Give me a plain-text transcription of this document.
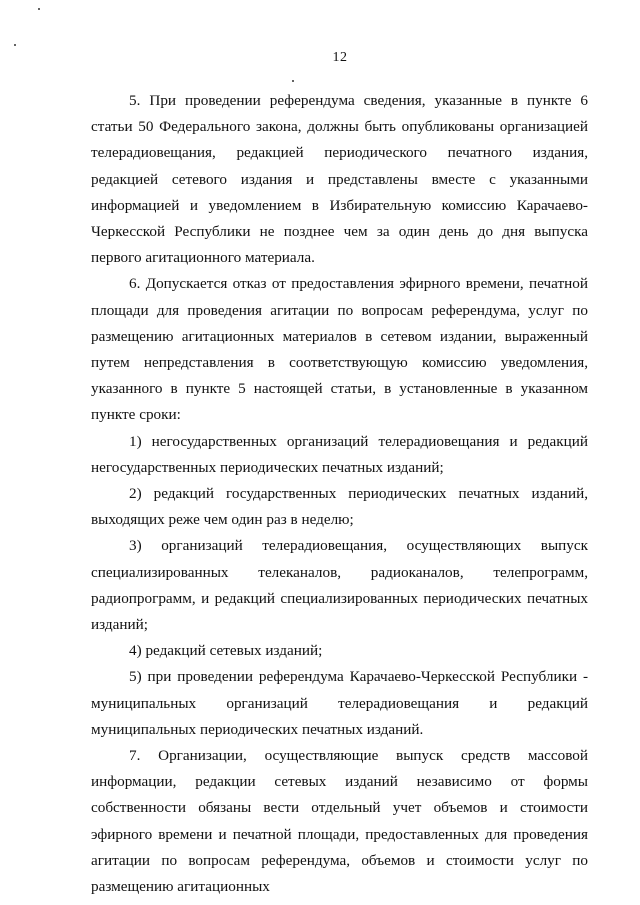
12

5. При проведении референдума сведения, указанные в пункте 6 статьи 50 Федерального закона, должны быть опубликованы организацией телерадиовещания, редакцией периодического печатного издания, редакцией сетевого издания и представлены вместе с указанными информацией и уведомлением в Избирательную комиссию Карачаево-Черкесской Республики не позднее чем за один день до дня выпуска первого агитационного материала.

6. Допускается отказ от предоставления эфирного времени, печатной площади для проведения агитации по вопросам референдума, услуг по размещению агитационных материалов в сетевом издании, выраженный путем непредставления в соответствующую комиссию уведомления, указанного в пункте 5 настоящей статьи, в установленные в указанном пункте сроки:

1) негосударственных организаций телерадиовещания и редакций негосударственных периодических печатных изданий;

2) редакций государственных периодических печатных изданий, выходящих реже чем один раз в неделю;

3) организаций телерадиовещания, осуществляющих выпуск специализированных телеканалов, радиоканалов, телепрограмм, радиопрограмм, и редакций специализированных периодических печатных изданий;

4) редакций сетевых изданий;

5) при проведении референдума Карачаево-Черкесской Республики - муниципальных организаций телерадиовещания и редакций муниципальных периодических печатных изданий.

7. Организации, осуществляющие выпуск средств массовой информации, редакции сетевых изданий независимо от формы собственности обязаны вести отдельный учет объемов и стоимости эфирного времени и печатной площади, предоставленных для проведения агитации по вопросам референдума, объемов и стоимости услуг по размещению агитационных
